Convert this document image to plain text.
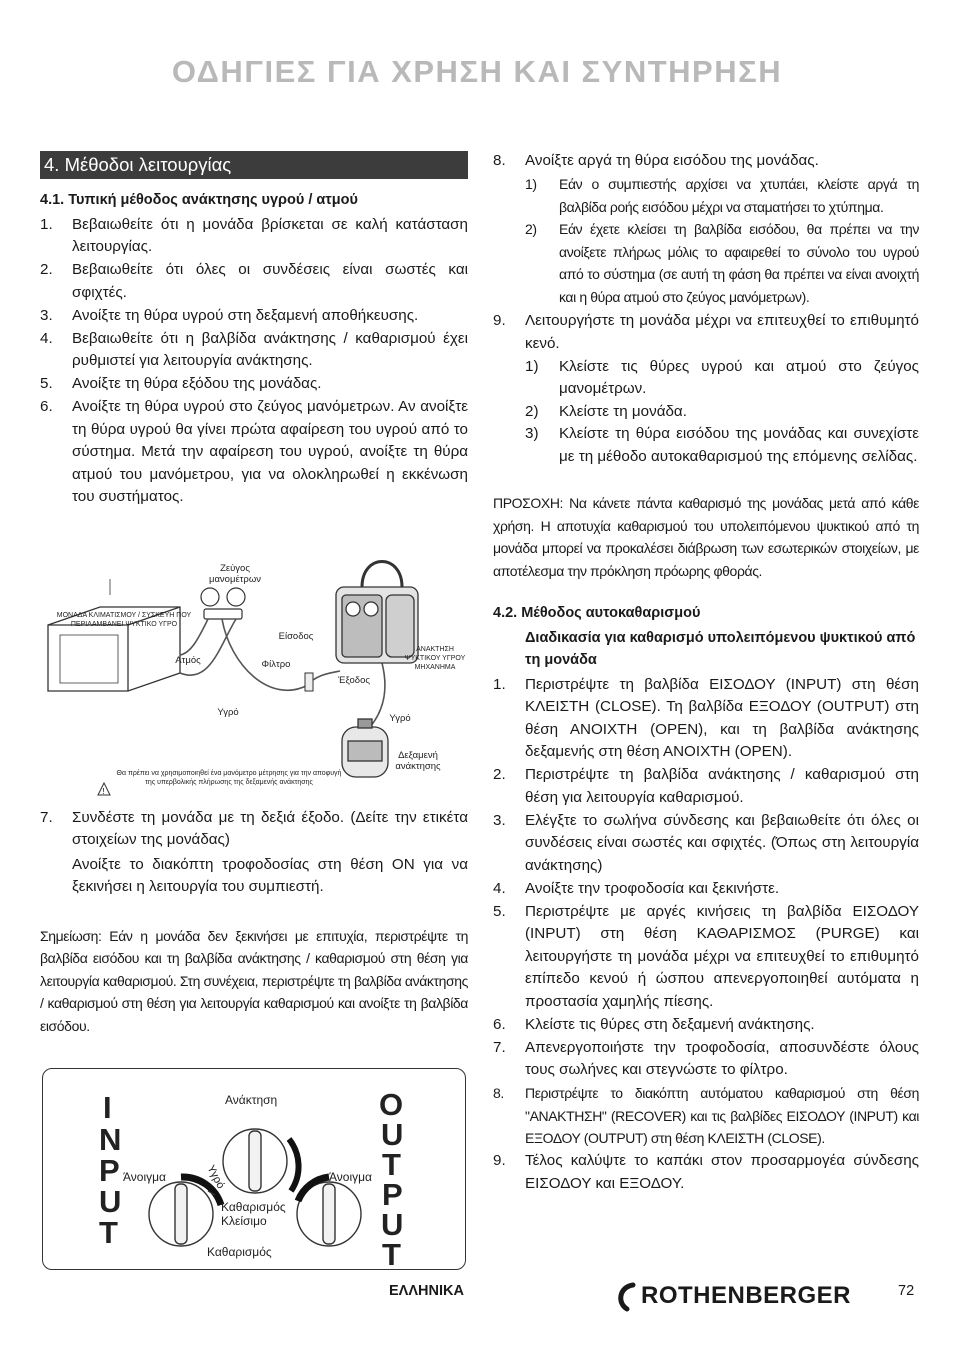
ΟΔΗΓΙΕΣ ΓΙΑ ΧΡΗΣΗ ΚΑΙ ΣΥΝΤΗΡΗΣΗ
4. Μέθοδοι λειτουργίας
4.1. Τυπική μέθοδος ανάκτησης υγρού / ατμού
1.	Βεβαιωθείτε ότι η μονάδα βρίσκεται σε καλή κατάσταση λειτουργίας.
2.	Βεβαιωθείτε ότι όλες οι συνδέσεις είναι σωστές και σφιχτές.
3.	Ανοίξτε τη θύρα υγρού στη δεξαμενή αποθήκευσης.
4.	Βεβαιωθείτε ότι η βαλβίδα ανάκτησης / καθαρισμού έχει ρυθμιστεί για λειτουργία ανάκτησης.
5.	Ανοίξτε τη θύρα εξόδου της μονάδας.
6.	Ανοίξτε τη θύρα υγρού στο ζεύγος μανόμετρων. Αν ανοίξτε τη θύρα υγρού θα γίνει πρώτα αφαίρεση του υγρού από το σύστημα. Μετά την αφαίρεση του υγρού, ανοίξτε τη θύρα ατμού του μανόμετρου, για να ολοκληρωθεί η εκκένωση του συστήματος.
!
Ζεύγος μανομέτρων
ΜΟΝΑΔΑ ΚΛΙΜΑΤΙΣΜΟΥ / ΣΥΣΚΕΥΗ ΠΟΥ ΠΕΡΙΛΑΜΒΑΝΕΙ ΨΥΚΤΙΚΟ ΥΓΡΟ
Είσοδος
ΑΝΑΚΤΗΣΗ ΨΥΚΤΙΚΟΥ ΥΓΡΟΥ ΜΗΧΑΝΗΜΑ
Ατμός	Φίλτρο
Έξοδος
Υγρό
Υγρό
Δεξαμενή ανάκτησης
Θα πρέπει να χρησιμοποιηθεί ένα μανόμετρο μέτρησης για την αποφυγή της υπερβολικής πλήρωσης της δεξαμενής ανάκτησης
7.	Συνδέστε τη μονάδα με τη δεξιά έξοδο. (Δείτε την ετικέτα στοιχείων της μονάδας)
Ανοίξτε το διακόπτη τροφοδοσίας στη θέση ON για να ξεκινήσει η λειτουργία του συμπιεστή.
Σημείωση: Εάν η μονάδα δεν ξεκινήσει με επιτυχία, περιστρέψτε τη βαλβίδα εισόδου και τη βαλβίδα ανάκτησης / καθαρισμού στη θέση για λειτουργία καθαρισμού. Στη συνέχεια, περιστρέψτε τη βαλβίδα ανάκτησης / καθαρισμού στη θέση για λειτουργία καθαρισμού και ανοίξτε τη βαλβίδα εισόδου.
I
N
P
U
T
O
U
T
P
U
T
Ανάκτηση
Άνοιγμα	Άνοιγμα
Υγρό
Καθαρισμός
Κλείσιμο
Καθαρισμός
8.	Ανοίξτε αργά τη θύρα εισόδου της μονάδας.
1)	Εάν ο συμπιεστής αρχίσει να χτυπάει, κλείστε αργά τη βαλβίδα ροής εισόδου μέχρι να σταματήσει το χτύπημα.
2)	Εάν έχετε κλείσει τη βαλβίδα εισόδου, θα πρέπει να την ανοίξετε πλήρως μόλις το αφαιρεθεί το σύνολο του υγρού από το σύστημα (σε αυτή τη φάση θα πρέπει να είναι ανοιχτή και η θύρα ατμού στο ζεύγος μανόμετρων).
9.	Λειτουργήστε τη μονάδα μέχρι να επιτευχθεί το επιθυμητό κενό.
1)	Κλείστε τις θύρες υγρού και ατμού στο ζεύγος μανομέτρων.
2)	Κλείστε τη μονάδα.
3)	Κλείστε τη θύρα εισόδου της μονάδας και συνεχίστε με τη μέθοδο αυτοκαθαρισμού της επόμενης σελίδας.
ΠΡΟΣΟΧΗ: Να κάνετε πάντα καθαρισμό της μονάδας μετά από κάθε χρήση. Η αποτυχία καθαρισμού του υπολειπόμενου ψυκτικού από τη μονάδα μπορεί να προκαλέσει διάβρωση των εσωτερικών στοιχείων, με αποτέλεσμα την πρόκληση πρόωρης φθοράς.
4.2. Μέθοδος αυτοκαθαρισμού
Διαδικασία για καθαρισμό υπολειπόμενου ψυκτικού από τη μονάδα
1.	Περιστρέψτε τη βαλβίδα ΕΙΣΟΔΟΥ (INPUT) στη θέση ΚΛΕΙΣΤΗ (CLOSE). Τη βαλβίδα ΕΞΟΔΟΥ (OUTPUT) στη θέση ΑΝΟΙΧΤΗ (OPEN), και τη βαλβίδα ανάκτησης δεξαμενής στη θέση ΑΝΟΙΧΤΗ (OPEN).
2.	Περιστρέψτε τη βαλβίδα ανάκτησης / καθαρισμού στη θέση για λειτουργία καθαρισμού.
3.	Ελέγξτε το σωλήνα σύνδεσης και βεβαιωθείτε ότι όλες οι συνδέσεις είναι σωστές και σφιχτές. (Όπως στη λειτουργία ανάκτησης)
4.	Ανοίξτε την τροφοδοσία και ξεκινήστε.
5.	Περιστρέψτε με αργές κινήσεις τη βαλβίδα ΕΙΣΟΔΟΥ (INPUT) στη θέση ΚΑΘΑΡΙΣΜΟΣ (PURGE) και λειτουργήστε τη μονάδα μέχρι να επιτευχθεί το επιθυμητό επίπεδο κενού ή ώσπου απενεργοποιηθεί αυτόματα η προστασία χαμηλής πίεσης.
6.	Κλείστε τις θύρες στη δεξαμενή ανάκτησης.
7.	Απενεργοποιήστε την τροφοδοσία, αποσυνδέστε όλους τους σωλήνες και στεγνώστε το φίλτρο.
8.	Περιστρέψτε το διακόπτη αυτόματου καθαρισμού στη θέση "ΑΝΑΚΤΗΣΗ" (RECOVER) και τις βαλβίδες ΕΙΣΟΔΟΥ (INPUT) και ΕΞΟΔΟΥ (OUTPUT) στη θέση ΚΛΕΙΣΤΗ (CLOSE).
9.	Τέλος καλύψτε το καπάκι στον προσαρμογέα σύνδεσης ΕΙΣΟΔΟΥ και ΕΞΟΔΟΥ.
ΕΛΛΗΝΙΚΑ	ROTHENBERGER	72
